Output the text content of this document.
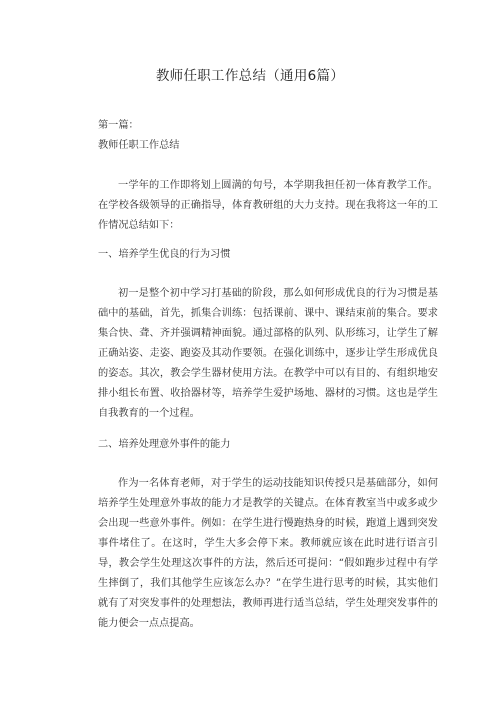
教师任职工作总结（通用6篇）
第一篇：
教师任职工作总结

一学年的工作即将划上圆满的句号，本学期我担任初一体育教学工作。在学校各级领导的正确指导，体育教研组的大力支持。现在我将这一年的工作情况总结如下：

一、培养学生优良的行为习惯

初一是整个初中学习打基础的阶段，那么如何形成优良的行为习惯是基础中的基础，首先，抓集合训练：包括课前、课中、课结束前的集合。要求集合快、聋、齐并强调精神面貌。通过部格的队列、队形练习，让学生了解正确站姿、走姿、跑姿及其动作要领。在强化训练中，逐步让学生形成优良的姿态。其次，教会学生器材使用方法。在教学中可以有目的、有组织地安排小组长布置、收拾器材等，培养学生爱护场地、器材的习惯。这也是学生自我教育的一个过程。

二、培养处理意外事件的能力

作为一名体育老师，对于学生的运动技能知识传授只是基础部分，如何培养学生处理意外事故的能力才是教学的关键点。在体育教室当中或多或少会出现一些意外事件。例如：在学生进行慢跑热身的时候，跑道上遇到突发事件堵住了。在这时，学生大多会停下来。教师就应该在此时进行语言引导，教会学生处理这次事件的方法，然后还可提问：“假如跑步过程中有学生摔倒了，我们其他学生应该怎么办？”在学生进行思考的时候，其实他们就有了对突发事件的处理想法，教师再进行适当总结，学生处理突发事件的能力便会一点点提高。
